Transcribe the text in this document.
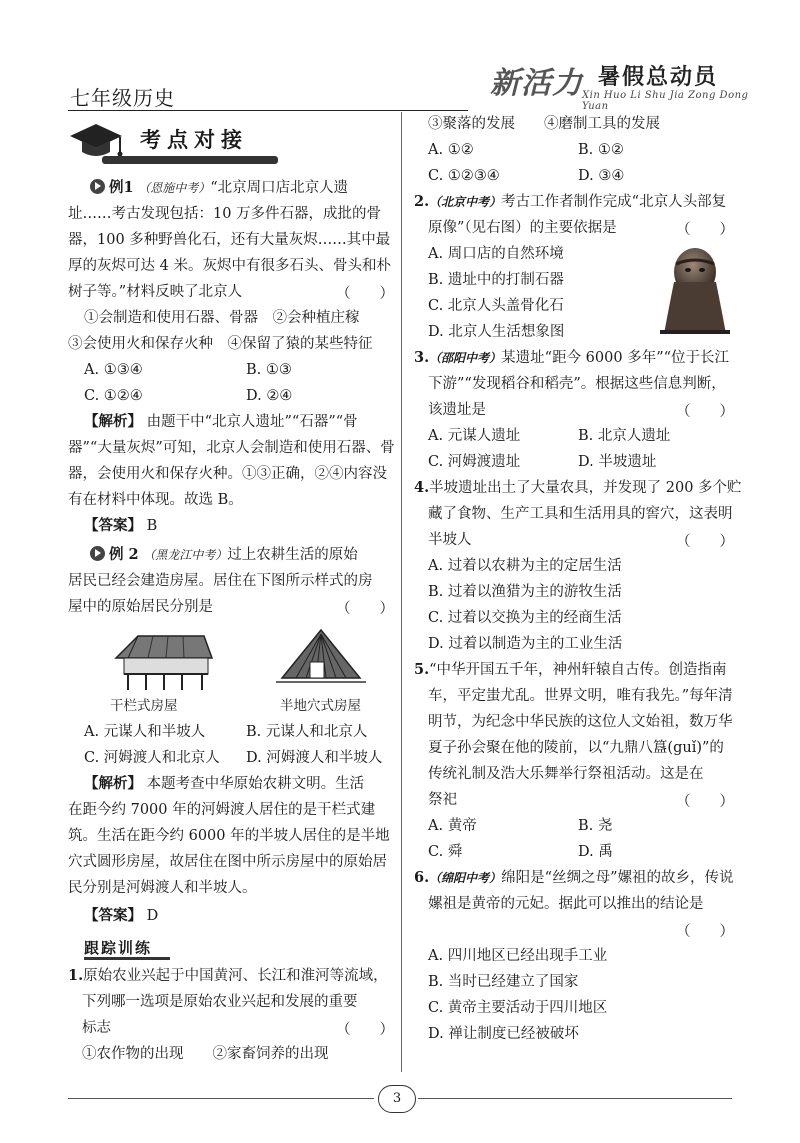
七年级历史	新活力 暑假总动员
Xin Huo Li Shu Jia Zong Dong Yuan
考点对接
例1 （恩施中考）“北京周口店北京人遗
址……考古发现包括：10 万多件石器，成批的骨
器，100 多种野兽化石，还有大量灰烬……其中最
厚的灰烬可达 4 米。灰烬中有很多石头、骨头和朴
树子等。”材料反映了北京人	（　　）
①会制造和使用石器、骨器　②会种植庄稼
③会使用火和保存火种　④保留了猿的某些特征
A. ①③④	B. ①③
C. ①②④	D. ②④
【解析】 由题干中“北京人遗址”“石器”“骨
器”“大量灰烬”可知，北京人会制造和使用石器、骨
器，会使用火和保存火种。①③正确，②④内容没
有在材料中体现。故选 B。
【答案】 B
例 2 （黑龙江中考）过上农耕生活的原始
居民已经会建造房屋。居住在下图所示样式的房
屋中的原始居民分别是	（　　）
干栏式房屋	半地穴式房屋
A. 元谋人和半坡人	B. 元谋人和北京人
C. 河姆渡人和北京人 D. 河姆渡人和半坡人
【解析】 本题考查中华原始农耕文明。生活
在距今约 7000 年的河姆渡人居住的是干栏式建
筑。生活在距今约 6000 年的半坡人居住的是半地
穴式圆形房屋，故居住在图中所示房屋中的原始居
民分别是河姆渡人和半坡人。
【答案】 D
1.原始农业兴起于中国黄河、长江和淮河等流域，
下列哪一选项是原始农业兴起和发展的重要
标志	（　　）
①农作物的出现　　②家畜饲养的出现
跟踪训练
③聚落的发展　　④磨制工具的发展
A. ①②	B. ①②
C. ①②③④	D. ③④
2.（北京中考）考古工作者制作完成“北京人头部复
原像”（见右图）的主要依据是	（　　）
A. 周口店的自然环境
B. 遗址中的打制石器
C. 北京人头盖骨化石
D. 北京人生活想象图
3.（邵阳中考）某遗址“距今 6000 多年”“位于长江
下游”“发现稻谷和稻壳”。根据这些信息判断，
该遗址是	（　　）
A. 元谋人遗址	B. 北京人遗址
C. 河姆渡遗址	D. 半坡遗址
4.半坡遗址出土了大量农具，并发现了 200 多个贮
藏了食物、生产工具和生活用具的窖穴，这表明
半坡人	（　　）
A. 过着以农耕为主的定居生活
B. 过着以渔猎为主的游牧生活
C. 过着以交换为主的经商生活
D. 过着以制造为主的工业生活
5.“中华开国五千年，神州轩辕自古传。创造指南
车，平定蚩尤乱。世界文明，唯有我先。”每年清
明节，为纪念中华民族的这位人文始祖，数万华
夏子孙会聚在他的陵前，以“九鼎八簋(guǐ)”的
传统礼制及浩大乐舞举行祭祖活动。这是在
祭祀	（　　）
A. 黄帝	B. 尧
C. 舜	D. 禹
6.（绵阳中考）绵阳是“丝绸之母”嫘祖的故乡，传说
嫘祖是黄帝的元妃。据此可以推出的结论是
（　　）
A. 四川地区已经出现手工业
B. 当时已经建立了国家
C. 黄帝主要活动于四川地区
D. 禅让制度已经被破坏
3
